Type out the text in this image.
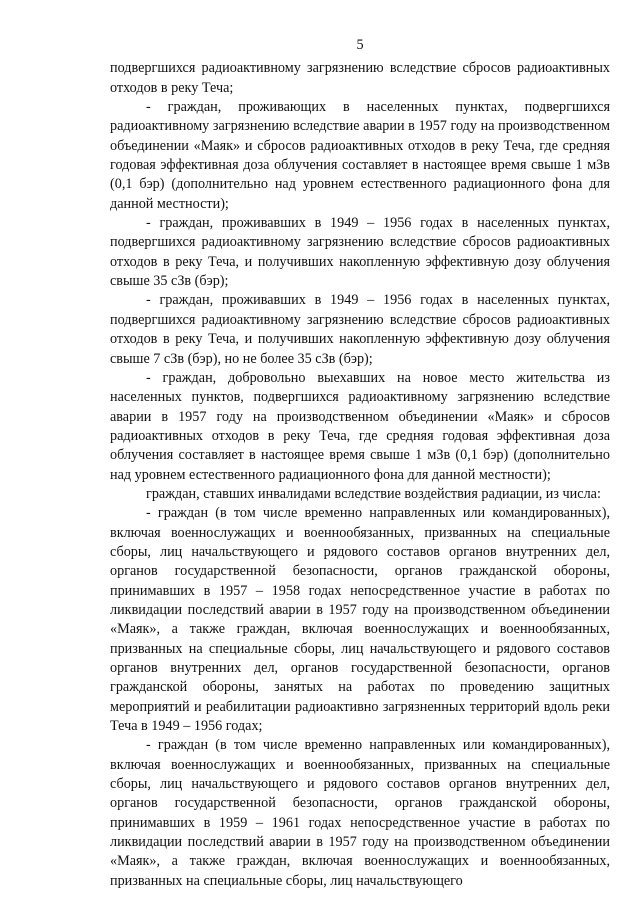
5

подвергшихся радиоактивному загрязнению вследствие сбросов радиоактивных отходов в реку Теча;

- граждан, проживающих в населенных пунктах, подвергшихся радиоактивному загрязнению вследствие аварии в 1957 году на производственном объединении «Маяк» и сбросов радиоактивных отходов в реку Теча, где средняя годовая эффективная доза облучения составляет в настоящее время свыше 1 мЗв (0,1 бэр) (дополнительно над уровнем естественного радиационного фона для данной местности);

- граждан, проживавших в 1949 – 1956 годах в населенных пунктах, подвергшихся радиоактивному загрязнению вследствие сбросов радиоактивных отходов в реку Теча, и получивших накопленную эффективную дозу облучения свыше 35 сЗв (бэр);

- граждан, проживавших в 1949 – 1956 годах в населенных пунктах, подвергшихся радиоактивному загрязнению вследствие сбросов радиоактивных отходов в реку Теча, и получивших накопленную эффективную дозу облучения свыше 7 сЗв (бэр), но не более 35 сЗв (бэр);

- граждан, добровольно выехавших на новое место жительства из населенных пунктов, подвергшихся радиоактивному загрязнению вследствие аварии в 1957 году на производственном объединении «Маяк» и сбросов радиоактивных отходов в реку Теча, где средняя годовая эффективная доза облучения составляет в настоящее время свыше 1 мЗв (0,1 бэр) (дополнительно над уровнем естественного радиационного фона для данной местности);

граждан, ставших инвалидами вследствие воздействия радиации, из числа:

- граждан (в том числе временно направленных или командированных), включая военнослужащих и военнообязанных, призванных на специальные сборы, лиц начальствующего и рядового составов органов внутренних дел, органов государственной безопасности, органов гражданской обороны, принимавших в 1957 – 1958 годах непосредственное участие в работах по ликвидации последствий аварии в 1957 году на производственном объединении «Маяк», а также граждан, включая военнослужащих и военнообязанных, призванных на специальные сборы, лиц начальствующего и рядового составов органов внутренних дел, органов государственной безопасности, органов гражданской обороны, занятых на работах по проведению защитных мероприятий и реабилитации радиоактивно загрязненных территорий вдоль реки Теча в 1949 – 1956 годах;

- граждан (в том числе временно направленных или командированных), включая военнослужащих и военнообязанных, призванных на специальные сборы, лиц начальствующего и рядового составов органов внутренних дел, органов государственной безопасности, органов гражданской обороны, принимавших в 1959 – 1961 годах непосредственное участие в работах по ликвидации последствий аварии в 1957 году на производственном объединении «Маяк», а также граждан, включая военнослужащих и военнообязанных, призванных на специальные сборы, лиц начальствующего
